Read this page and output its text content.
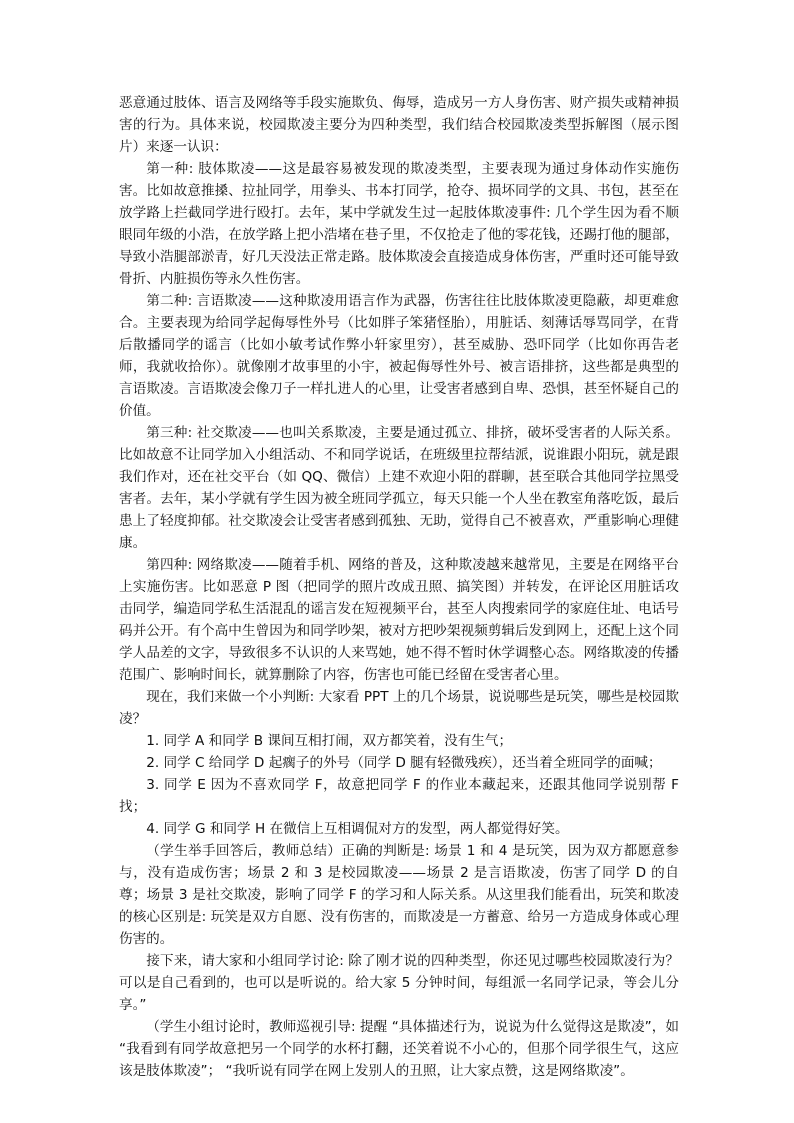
恶意通过肢体、语言及网络等手段实施欺负、侮辱，造成另一方人身伤害、财产损失或精神损害的行为。具体来说，校园欺凌主要分为四种类型，我们结合校园欺凌类型拆解图（展示图片）来逐一认识：

第一种: 肢体欺凌——这是最容易被发现的欺凌类型，主要表现为通过身体动作实施伤害。比如故意推搡、拉扯同学，用拳头、书本打同学，抢夺、损坏同学的文具、书包，甚至在放学路上拦截同学进行殴打。去年，某中学就发生过一起肢体欺凌事件: 几个学生因为看不顺眼同年级的小浩，在放学路上把小浩堵在巷子里，不仅抢走了他的零花钱，还踢打他的腿部，导致小浩腿部淤青，好几天没法正常走路。肢体欺凌会直接造成身体伤害，严重时还可能导致骨折、内脏损伤等永久性伤害。

第二种: 言语欺凌——这种欺凌用语言作为武器，伤害往往比肢体欺凌更隐蔽，却更难愈合。主要表现为给同学起侮辱性外号（比如胖子笨猪怪胎），用脏话、刻薄话辱骂同学，在背后散播同学的谣言（比如小敏考试作弊小轩家里穷），甚至威胁、恐吓同学（比如你再告老师，我就收拾你）。就像刚才故事里的小宇，被起侮辱性外号、被言语排挤，这些都是典型的言语欺凌。言语欺凌会像刀子一样扎进人的心里，让受害者感到自卑、恐惧，甚至怀疑自己的价值。

第三种: 社交欺凌——也叫关系欺凌，主要是通过孤立、排挤，破坏受害者的人际关系。比如故意不让同学加入小组活动、不和同学说话，在班级里拉帮结派，说谁跟小阳玩，就是跟我们作对，还在社交平台（如 QQ、微信）上建不欢迎小阳的群聊，甚至联合其他同学拉黑受害者。去年，某小学就有学生因为被全班同学孤立，每天只能一个人坐在教室角落吃饭，最后患上了轻度抑郁。社交欺凌会让受害者感到孤独、无助，觉得自己不被喜欢，严重影响心理健康。

第四种: 网络欺凌——随着手机、网络的普及，这种欺凌越来越常见，主要是在网络平台上实施伤害。比如恶意 P 图（把同学的照片改成丑照、搞笑图）并转发，在评论区用脏话攻击同学，编造同学私生活混乱的谣言发在短视频平台，甚至人肉搜索同学的家庭住址、电话号码并公开。有个高中生曾因为和同学吵架，被对方把吵架视频剪辑后发到网上，还配上这个同学人品差的文字，导致很多不认识的人来骂她，她不得不暂时休学调整心态。网络欺凌的传播范围广、影响时间长，就算删除了内容，伤害也可能已经留在受害者心里。

现在，我们来做一个小判断: 大家看 PPT 上的几个场景，说说哪些是玩笑，哪些是校园欺凌？

1. 同学 A 和同学 B 课间互相打闹，双方都笑着，没有生气；

2. 同学 C 给同学 D 起瘸子的外号（同学 D 腿有轻微残疾），还当着全班同学的面喊；

3. 同学 E 因为不喜欢同学 F，故意把同学 F 的作业本藏起来，还跟其他同学说别帮 F 找；

4. 同学 G 和同学 H 在微信上互相调侃对方的发型，两人都觉得好笑。

（学生举手回答后，教师总结）正确的判断是: 场景 1 和 4 是玩笑，因为双方都愿意参与，没有造成伤害；场景 2 和 3 是校园欺凌——场景 2 是言语欺凌，伤害了同学 D 的自尊；场景 3 是社交欺凌，影响了同学 F 的学习和人际关系。从这里我们能看出，玩笑和欺凌的核心区别是: 玩笑是双方自愿、没有伤害的，而欺凌是一方蓄意、给另一方造成身体或心理伤害的。

接下来，请大家和小组同学讨论: 除了刚才说的四种类型，你还见过哪些校园欺凌行为？可以是自己看到的，也可以是听说的。给大家 5 分钟时间，每组派一名同学记录，等会儿分享。”

（学生小组讨论时，教师巡视引导: 提醒 “具体描述行为，说说为什么觉得这是欺凌”，如 “我看到有同学故意把另一个同学的水杯打翻，还笑着说不小心的，但那个同学很生气，这应该是肢体欺凌”； “我听说有同学在网上发别人的丑照，让大家点赞，这是网络欺凌”。
